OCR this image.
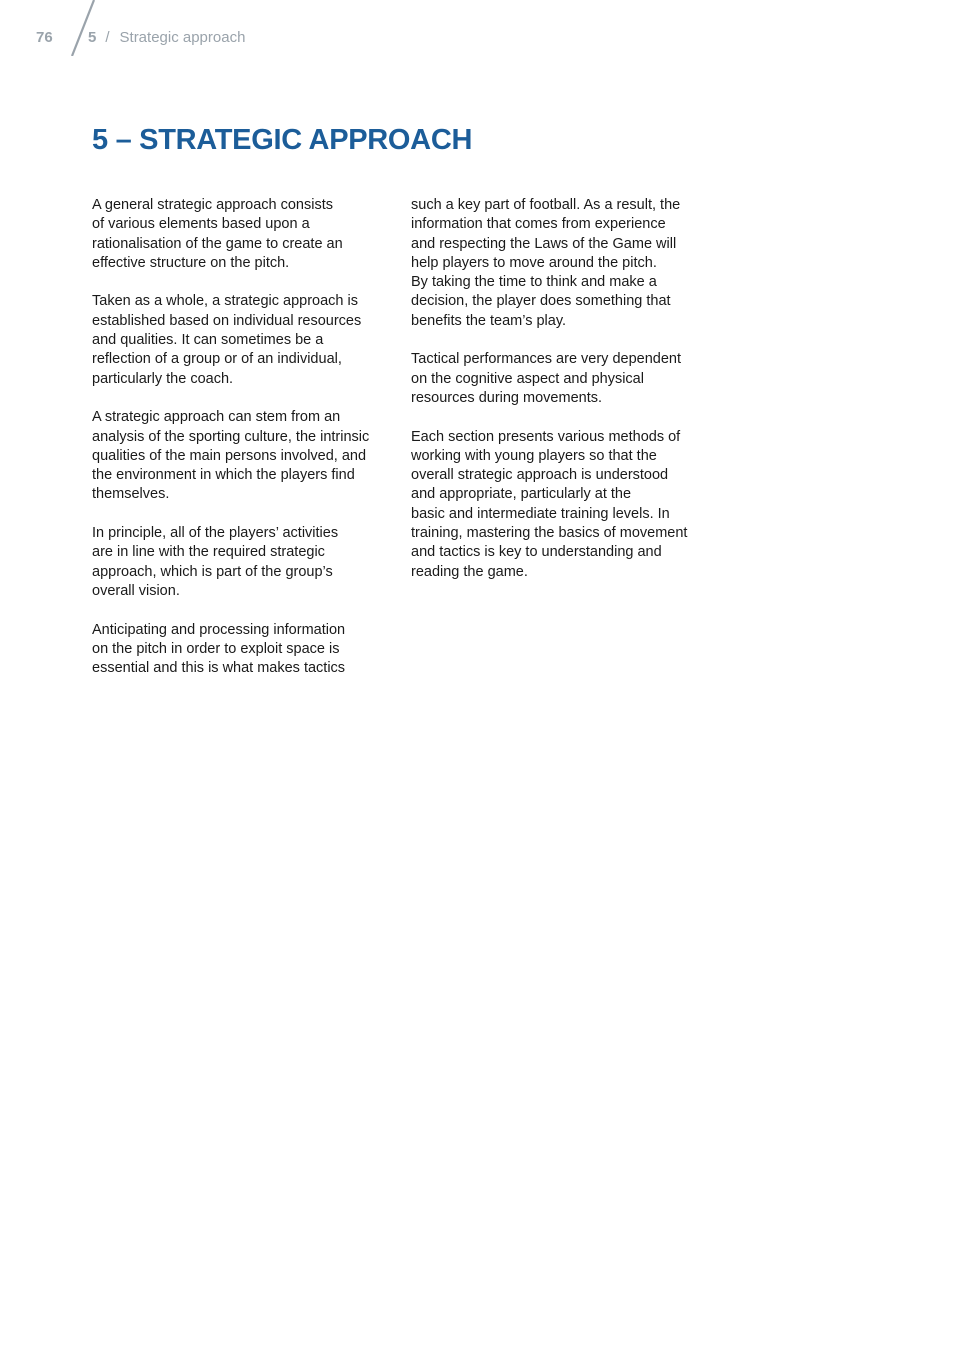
76 5 / Strategic approach
5 – STRATEGIC APPROACH

A general strategic approach consists
of various elements based upon a
rationalisation of the game to create an
effective structure on the pitch.

Taken as a whole, a strategic approach is
established based on individual resources
and qualities. It can sometimes be a
reflection of a group or of an individual,
particularly the coach.

A strategic approach can stem from an
analysis of the sporting culture, the intrinsic
qualities of the main persons involved, and
the environment in which the players find
themselves.

In principle, all of the players’ activities
are in line with the required strategic
approach, which is part of the group’s
overall vision.

Anticipating and processing information
on the pitch in order to exploit space is
essential and this is what makes tactics

such a key part of football. As a result, the
information that comes from experience
and respecting the Laws of the Game will
help players to move around the pitch.
By taking the time to think and make a
decision, the player does something that
benefits the team’s play.

Tactical performances are very dependent
on the cognitive aspect and physical
resources during movements.

Each section presents various methods of
working with young players so that the
overall strategic approach is understood
and appropriate, particularly at the
basic and intermediate training levels. In
training, mastering the basics of movement
and tactics is key to understanding and
reading the game.
